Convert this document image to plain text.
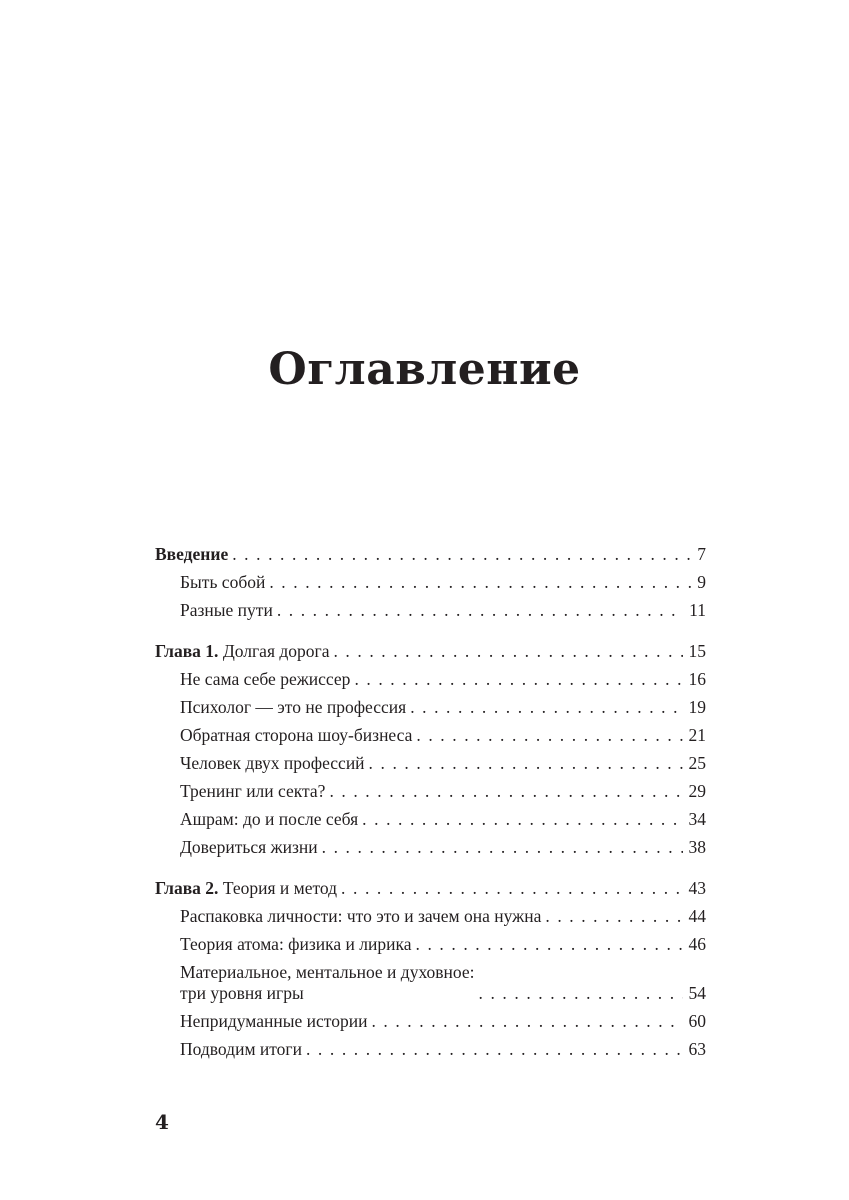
Оглавление
Введение . . .	7
Быть собой . . .	9
Разные пути . . .	11
Глава 1. Долгая дорога . . .	15
Не сама себе режиссер . . .	16
Психолог — это не профессия . . .	19
Обратная сторона шоу-бизнеса . . .	21
Человек двух профессий . . .	25
Тренинг или секта? . . .	29
Ашрам: до и после себя . . .	34
Довериться жизни . . .	38
Глава 2. Теория и метод . . .	43
Распаковка личности: что это и зачем она нужна . . .	44
Теория атома: физика и лирика . . .	46
Материальное, ментальное и духовное:
три уровня игры . . .	54
Непридуманные истории . . .	60
Подводим итоги . . .	63
4
